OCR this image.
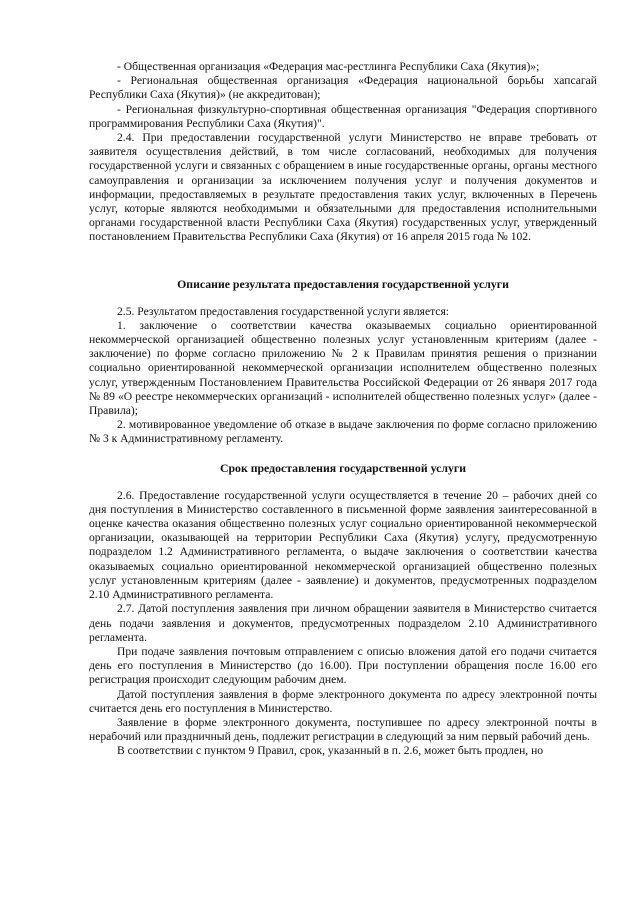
- Общественная организация «Федерация мас-рестлинга Республики Саха (Якутия)»;

- Региональная общественная организация «Федерация национальной борьбы хапсагай Республики Саха (Якутия)» (не аккредитован);

- Региональная физкультурно-спортивная общественная организация "Федерация спортивного программирования Республики Саха (Якутия)".

2.4. При предоставлении государственной услуги Министерство не вправе требовать от заявителя осуществления действий, в том числе согласований, необходимых для получения государственной услуги и связанных с обращением в иные государственные органы, органы местного самоуправления и организации за исключением получения услуг и получения документов и информации, предоставляемых в результате предоставления таких услуг, включенных в Перечень услуг, которые являются необходимыми и обязательными для предоставления исполнительными органами государственной власти Республики Саха (Якутия) государственных услуг, утвержденный постановлением Правительства Республики Саха (Якутия) от 16 апреля 2015 года № 102.

Описание результата предоставления государственной услуги

2.5. Результатом предоставления государственной услуги является:

1. заключение о соответствии качества оказываемых социально ориентированной некоммерческой организацией общественно полезных услуг установленным критериям (далее - заключение) по форме согласно приложению № 2 к Правилам принятия решения о признании социально ориентированной некоммерческой организации исполнителем общественно полезных услуг, утвержденным Постановлением Правительства Российской Федерации от 26 января 2017 года № 89 «О реестре некоммерческих организаций - исполнителей общественно полезных услуг» (далее - Правила);

2. мотивированное уведомление об отказе в выдаче заключения по форме согласно приложению № 3 к Административному регламенту.

Срок предоставления государственной услуги

2.6. Предоставление государственной услуги осуществляется в течение 20 – рабочих дней со дня поступления в Министерство составленного в письменной форме заявления заинтересованной в оценке качества оказания общественно полезных услуг социально ориентированной некоммерческой организации, оказывающей на территории Республики Саха (Якутия) услугу, предусмотренную подразделом 1.2 Административного регламента, о выдаче заключения о соответствии качества оказываемых социально ориентированной некоммерческой организацией общественно полезных услуг установленным критериям (далее - заявление) и документов, предусмотренных подразделом 2.10 Административного регламента.

2.7. Датой поступления заявления при личном обращении заявителя в Министерство считается день подачи заявления и документов, предусмотренных подразделом 2.10 Административного регламента.

При подаче заявления почтовым отправлением с описью вложения датой его подачи считается день его поступления в Министерство (до 16.00). При поступлении обращения после 16.00 его регистрация происходит следующим рабочим днем.

Датой поступления заявления в форме электронного документа по адресу электронной почты считается день его поступления в Министерство.

Заявление в форме электронного документа, поступившее по адресу электронной почты в нерабочий или праздничный день, подлежит регистрации в следующий за ним первый рабочий день.

В соответствии с пунктом 9 Правил, срок, указанный в п. 2.6, может быть продлен, но
